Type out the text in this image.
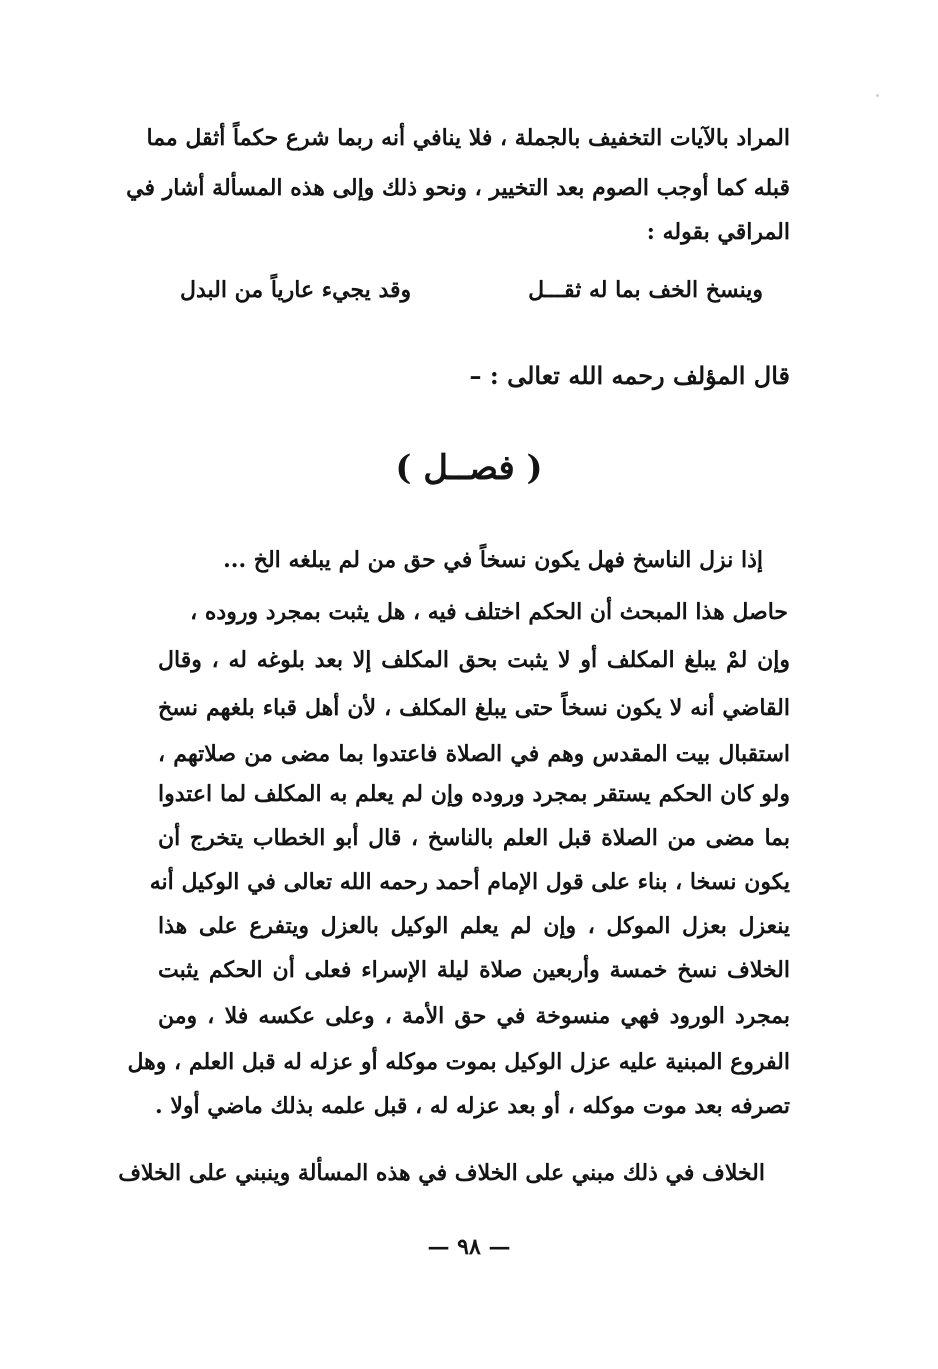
المراد بالآيات التخفيف بالجملة ، فلا ينافي أنه ربما شرع حكماً أثقل مما
قبله كما أوجب الصوم بعد التخيير ، ونحو ذلك وإلى هذه المسألة أشار في
المراقي بقوله :
وينسخ الخف بما له ثقـــل
وقد يجيء عارياً من البدل
قال المؤلف رحمه الله تعالى : –
( فصــل )
إذا نزل الناسخ فهل يكون نسخاً في حق من لم يبلغه الخ ...
حاصل هذا المبحث أن الحكم اختلف فيه ، هل يثبت بمجرد وروده ،
وإن لمْ يبلغ المكلف أو لا يثبت بحق المكلف إلا بعد بلوغه له ، وقال
القاضي أنه لا يكون نسخاً حتى يبلغ المكلف ، لأن أهل قباء بلغهم نسخ
استقبال بيت المقدس وهم في الصلاة فاعتدوا بما مضى من صلاتهم ،
ولو كان الحكم يستقر بمجرد وروده وإن لم يعلم به المكلف لما اعتدوا
بما مضى من الصلاة قبل العلم بالناسخ ، قال أبو الخطاب يتخرج أن
يكون نسخا ، بناء على قول الإمام أحمد رحمه الله تعالى في الوكيل أنه
ينعزل بعزل الموكل ، وإن لم يعلم الوكيل بالعزل ويتفرع على هذا
الخلاف نسخ خمسة وأربعين صلاة ليلة الإسراء فعلى أن الحكم يثبت
بمجرد الورود فهي منسوخة في حق الأمة ، وعلى عكسه فلا ، ومن
الفروع المبنية عليه عزل الوكيل بموت موكله أو عزله له قبل العلم ، وهل
تصرفه بعد موت موكله ، أو بعد عزله له ، قبل علمه بذلك ماضي أولا .
الخلاف في ذلك مبني على الخلاف في هذه المسألة وينبني على الخلاف
— ٩٨ —
